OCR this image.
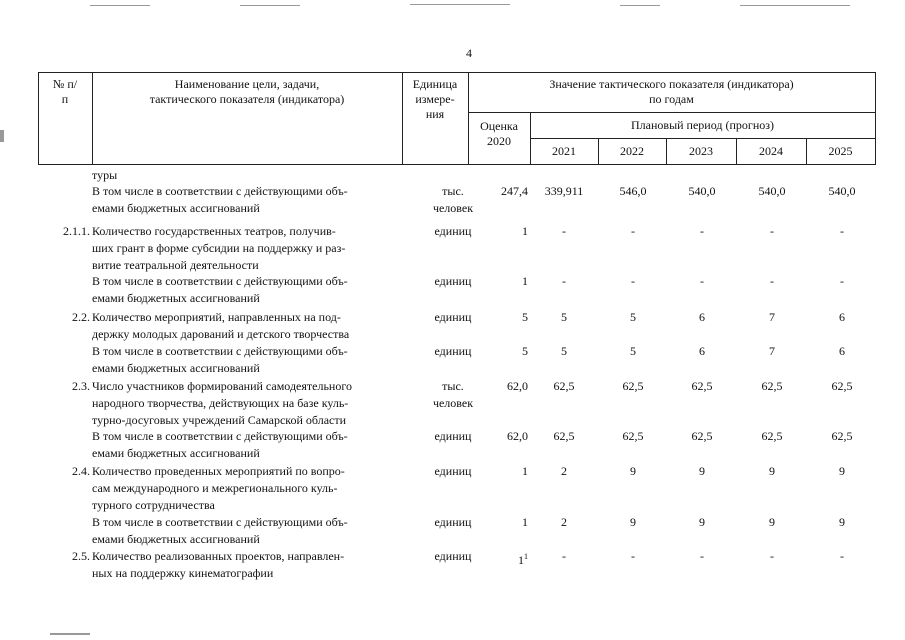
4
№ п/п
Наименование цели, задачи,
тактического показателя (индикатора)
Единица
измере-
ния
Значение тактического показателя (индикатора)
по годам
Оценка
2020
Плановый период (прогноз)
2021	2022	2023	2024	2025
туры
В том числе в соответствии с действующими объ-
емами бюджетных ассигнований
тыс.
человек
247,4	339,911	546,0	540,0	540,0	540,0
2.1.1. Количество государственных театров, получив-
ших грант в форме субсидии на поддержку и раз-
витие театральной деятельности
единиц	1	-	-	-	-	-
В том числе в соответствии с действующими объ-
емами бюджетных ассигнований
единиц	1	-	-	-	-	-
2.2. Количество мероприятий, направленных на под-
держку молодых дарований и детского творчества
единиц	5	5	5	6	7	6
В том числе в соответствии с действующими объ-
емами бюджетных ассигнований
единиц	5	5	5	6	7	6
2.3. Число участников формирований самодеятельного
народного творчества, действующих на базе куль-
турно-досуговых учреждений Самарской области
тыс.
человек
62,0	62,5	62,5	62,5	62,5	62,5
В том числе в соответствии с действующими объ-
емами бюджетных ассигнований
единиц	62,0	62,5	62,5	62,5	62,5	62,5
2.4. Количество проведенных мероприятий по вопро-
сам международного и межрегионального куль-
турного сотрудничества
единиц	1	2	9	9	9	9
В том числе в соответствии с действующими объ-
емами бюджетных ассигнований
единиц	1	2	9	9	9	9
2.5. Количество реализованных проектов, направлен-
ных на поддержку кинематографии
единиц	$1^1$	-	-	-	-	-
